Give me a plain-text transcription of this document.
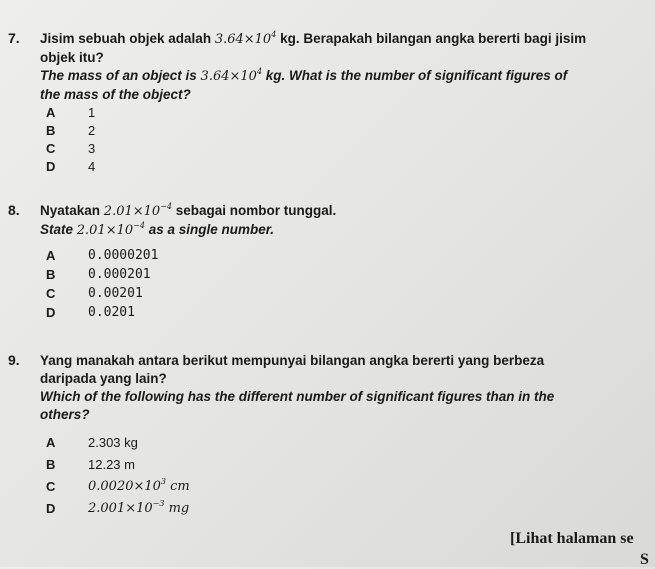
7. Jisim sebuah objek adalah $3.64\times 10^4$ kg. Berapakah bilangan angka bererti bagi jisim
objek itu?
The mass of an object is $3.64\times 10^4$ kg. What is the number of significant figures of
the mass of the object?
A	1
B	2
C	3
D	4
8. Nyatakan $2.01\times 10^{-4}$ sebagai nombor tunggal.
State $2.01\times 10^{-4}$ as a single number.
A	0.0000201
B	0.000201
C	0.00201
D	0.0201
9. Yang manakah antara berikut mempunyai bilangan angka bererti yang berbeza
daripada yang lain?
Which of the following has the different number of significant figures than in the
others?
A	2.303 kg
B	12.23 m
C	$0.0020\times 10^3$ cm
D	$2.001\times 10^{-3}$ mg
[Lihat halaman se
S
